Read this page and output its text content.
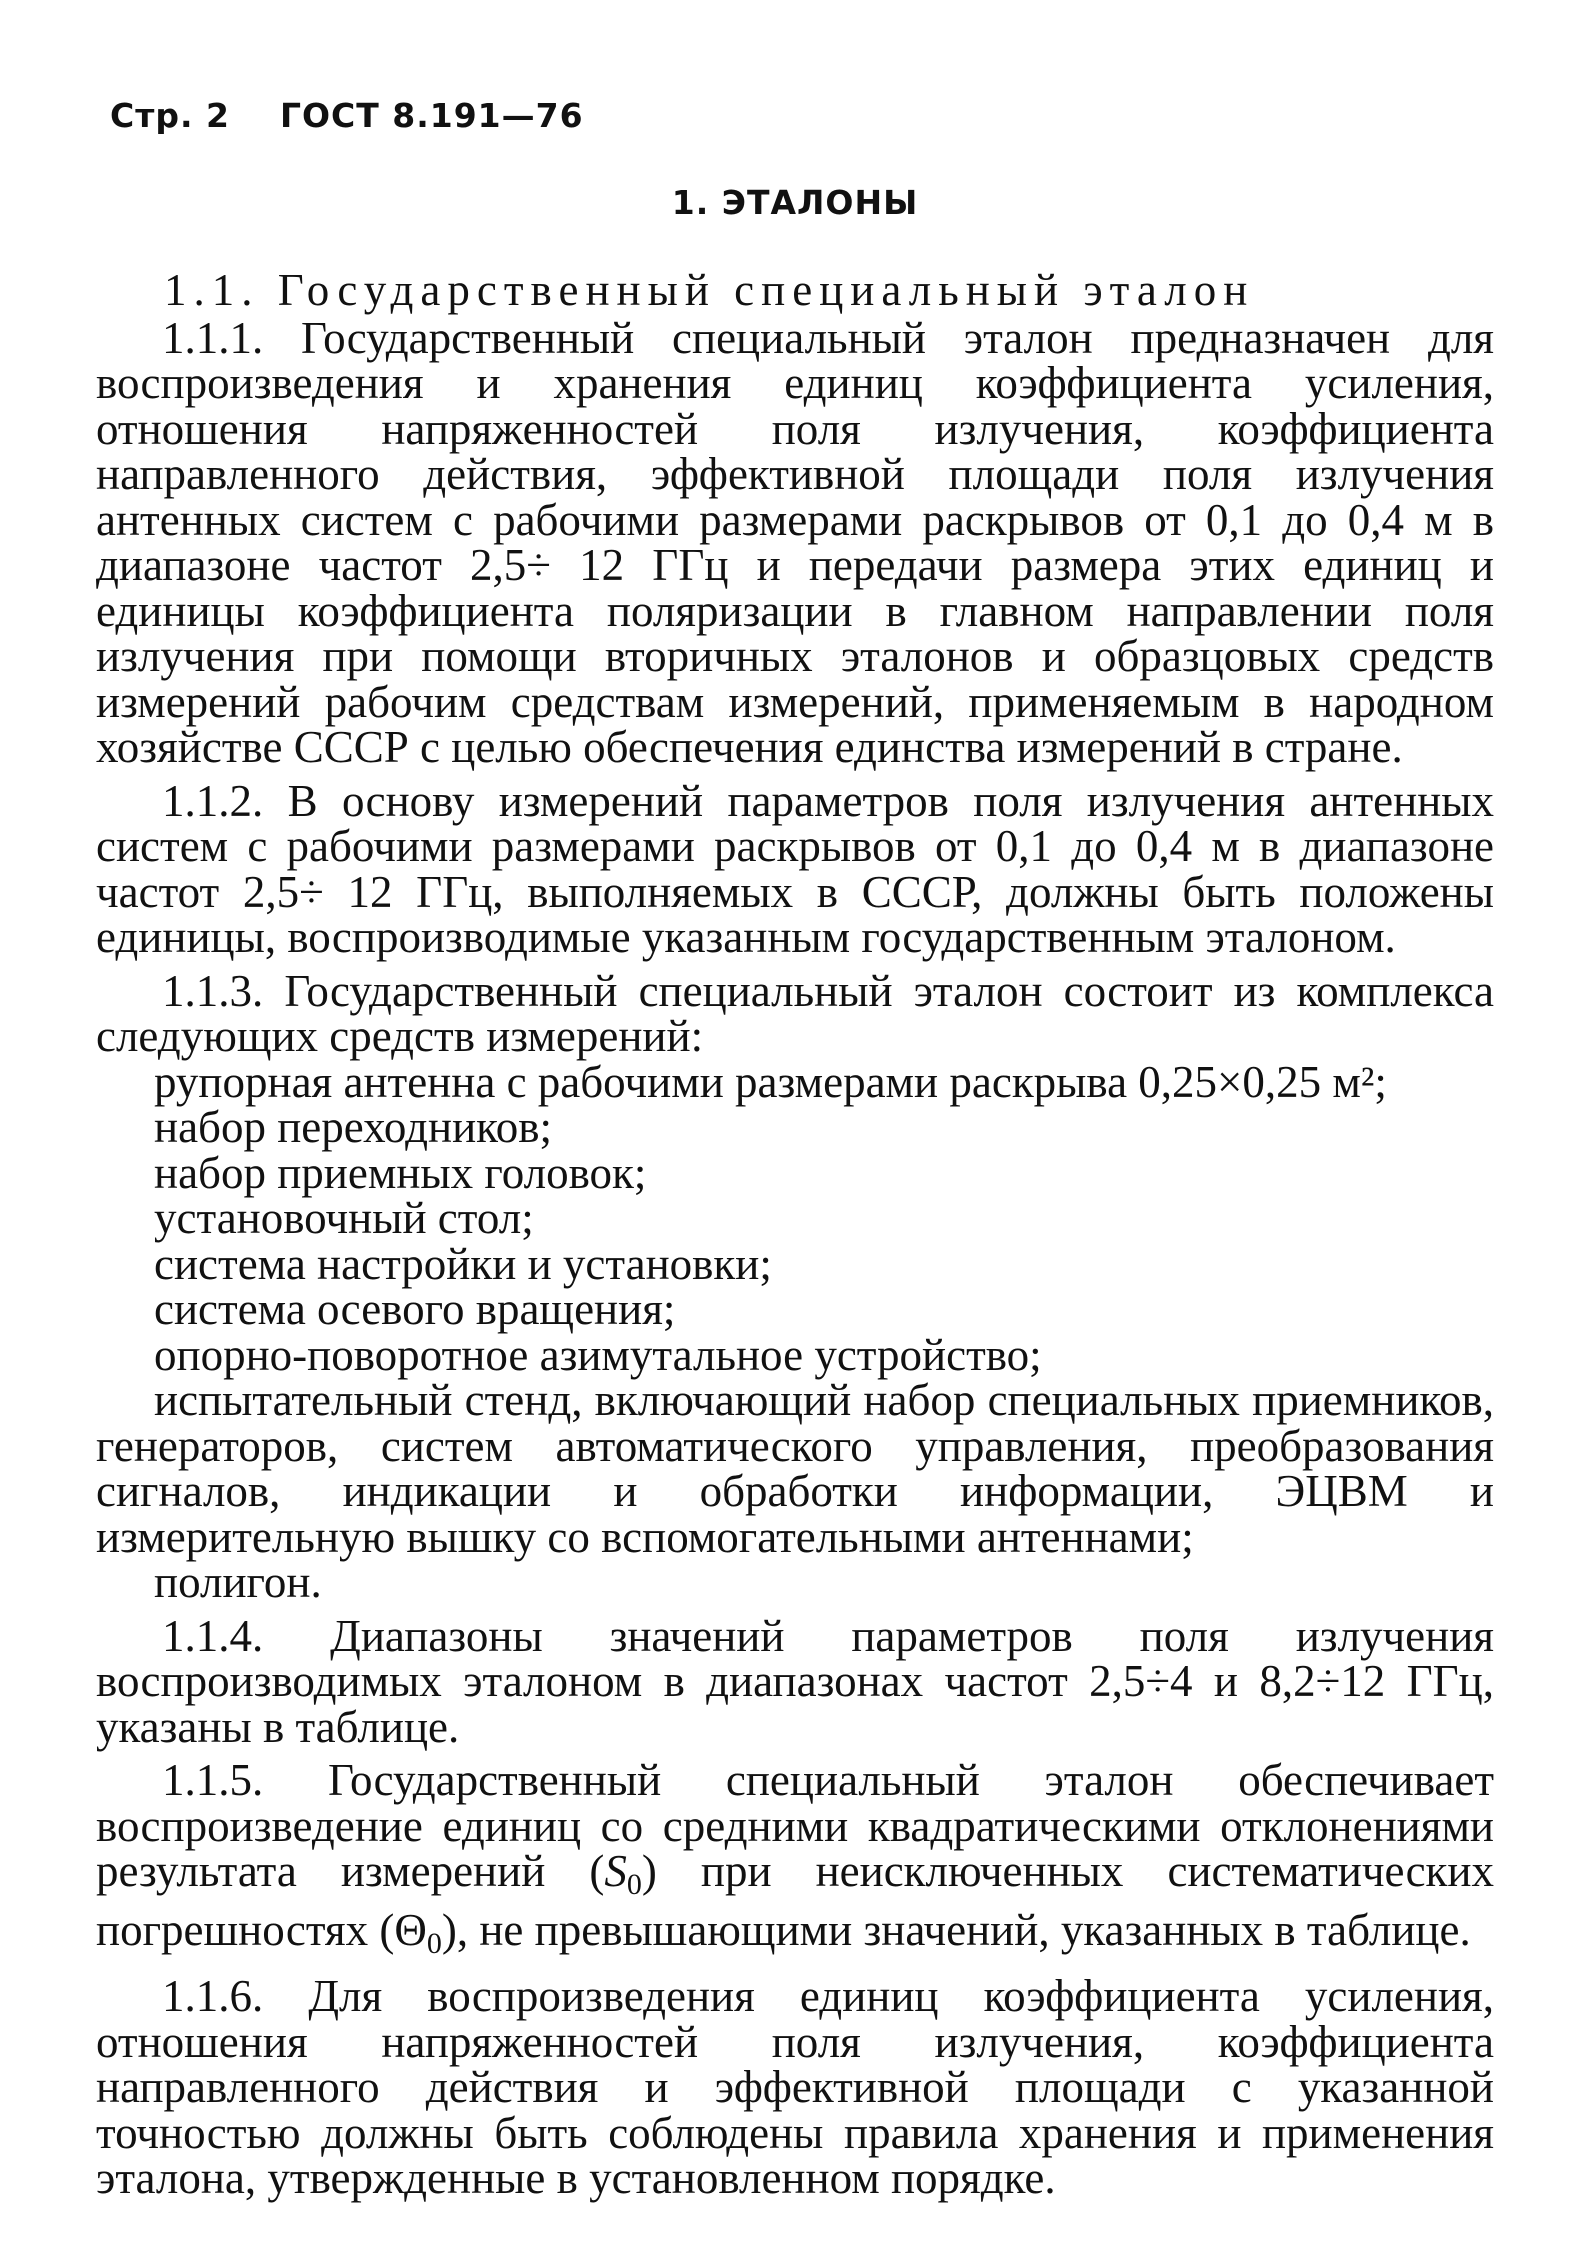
Стр. 2 ГОСТ 8.191—76
1. ЭТАЛОНЫ

1.1. Государственный специальный эталон

1.1.1. Государственный специальный эталон предназначен для воспроизведения и хранения единиц коэффициента усиления, отношения напряженностей поля излучения, коэффициента направленного действия, эффективной площади поля излучения антенных систем с рабочими размерами раскрывов от 0,1 до 0,4 м в диапазоне частот 2,5÷ 12 ГГц и передачи размера этих единиц и единицы коэффициента поляризации в главном направлении поля излучения при помощи вторичных эталонов и образцовых средств измерений рабочим средствам измерений, применяемым в народном хозяйстве СССР с целью обеспечения единства измерений в стране.

1.1.2. В основу измерений параметров поля излучения антенных систем с рабочими размерами раскрывов от 0,1 до 0,4 м в диапазоне частот 2,5÷ 12 ГГц, выполняемых в СССР, должны быть положены единицы, воспроизводимые указанным государственным эталоном.

1.1.3. Государственный специальный эталон состоит из комплекса следующих средств измерений:

рупорная антенна с рабочими размерами раскрыва 0,25×0,25 м²;
набор переходников;
набор приемных головок;
установочный стол;
система настройки и установки;
система осевого вращения;
опорно-поворотное азимутальное устройство;
испытательный стенд, включающий набор специальных приемников, генераторов, систем автоматического управления, преобразования сигналов, индикации и обработки информации, ЭЦВМ и измерительную вышку со вспомогательными антеннами;
полигон.

1.1.4. Диапазоны значений параметров поля излучения воспроизводимых эталоном в диапазонах частот 2,5÷4 и 8,2÷12 ГГц, указаны в таблице.

1.1.5. Государственный специальный эталон обеспечивает воспроизведение единиц со средними квадратическими отклонениями результата измерений $(S_0)$ при неисключенных систематических погрешностях $(\Theta_0)$, не превышающими значений, указанных в таблице.

1.1.6. Для воспроизведения единиц коэффициента усиления, отношения напряженностей поля излучения, коэффициента направленного действия и эффективной площади с указанной точностью должны быть соблюдены правила хранения и применения эталона, утвержденные в установленном порядке.
